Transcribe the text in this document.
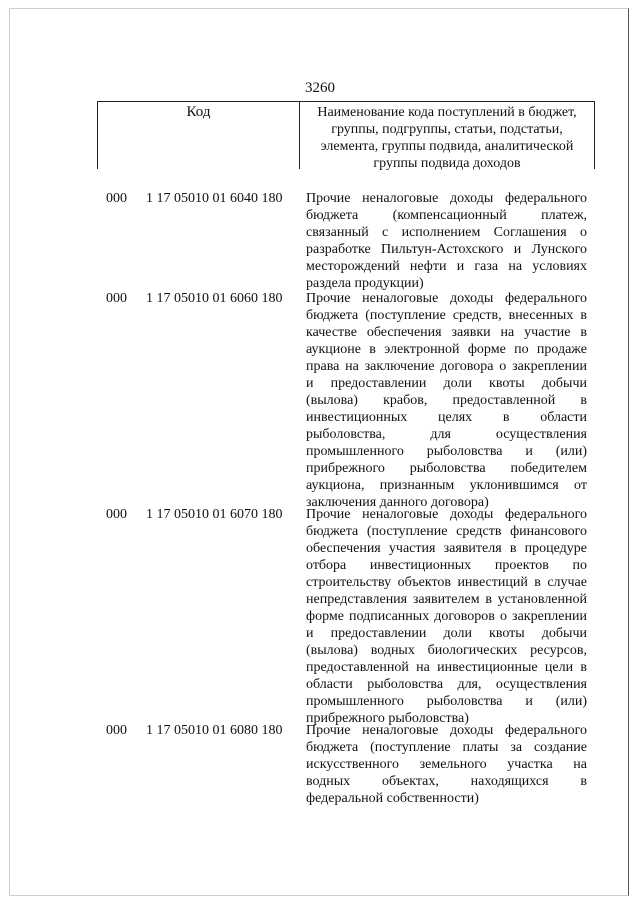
3260
Код	Наименование кода поступлений в бюджет,
группы, подгруппы, статьи, подстатьи,
элемента, группы подвида, аналитической
группы подвида доходов
000 1 17 05010 01 6040 180 Прочие неналоговые доходы федерального
бюджета (компенсационный платеж,
связанный с исполнением Соглашения о
разработке Пильтун-Астохского и Лунского
месторождений нефти и газа на условиях
раздела продукции)
000 1 17 05010 01 6060 180 Прочие неналоговые доходы федерального
бюджета (поступление средств, внесенных в
качестве обеспечения заявки на участие в
аукционе в электронной форме по продаже
права на заключение договора о закреплении
и предоставлении доли квоты добычи
(вылова) крабов, предоставленной в
инвестиционных целях в области
рыболовства, для осуществления
промышленного рыболовства и (или)
прибрежного рыболовства победителем
аукциона, признанным уклонившимся от
заключения данного договора)
000 1 17 05010 01 6070 180 Прочие неналоговые доходы федерального
бюджета (поступление средств финансового
обеспечения участия заявителя в процедуре
отбора инвестиционных проектов по
строительству объектов инвестиций в случае
непредставления заявителем в установленной
форме подписанных договоров о закреплении
и предоставлении доли квоты добычи
(вылова) водных биологических ресурсов,
предоставленной на инвестиционные цели в
области рыболовства для, осуществления
промышленного рыболовства и (или)
прибрежного рыболовства)
000 1 17 05010 01 6080 180 Прочие неналоговые доходы федерального
бюджета (поступление платы за создание
искусственного земельного участка на
водных объектах, находящихся в
федеральной собственности)
